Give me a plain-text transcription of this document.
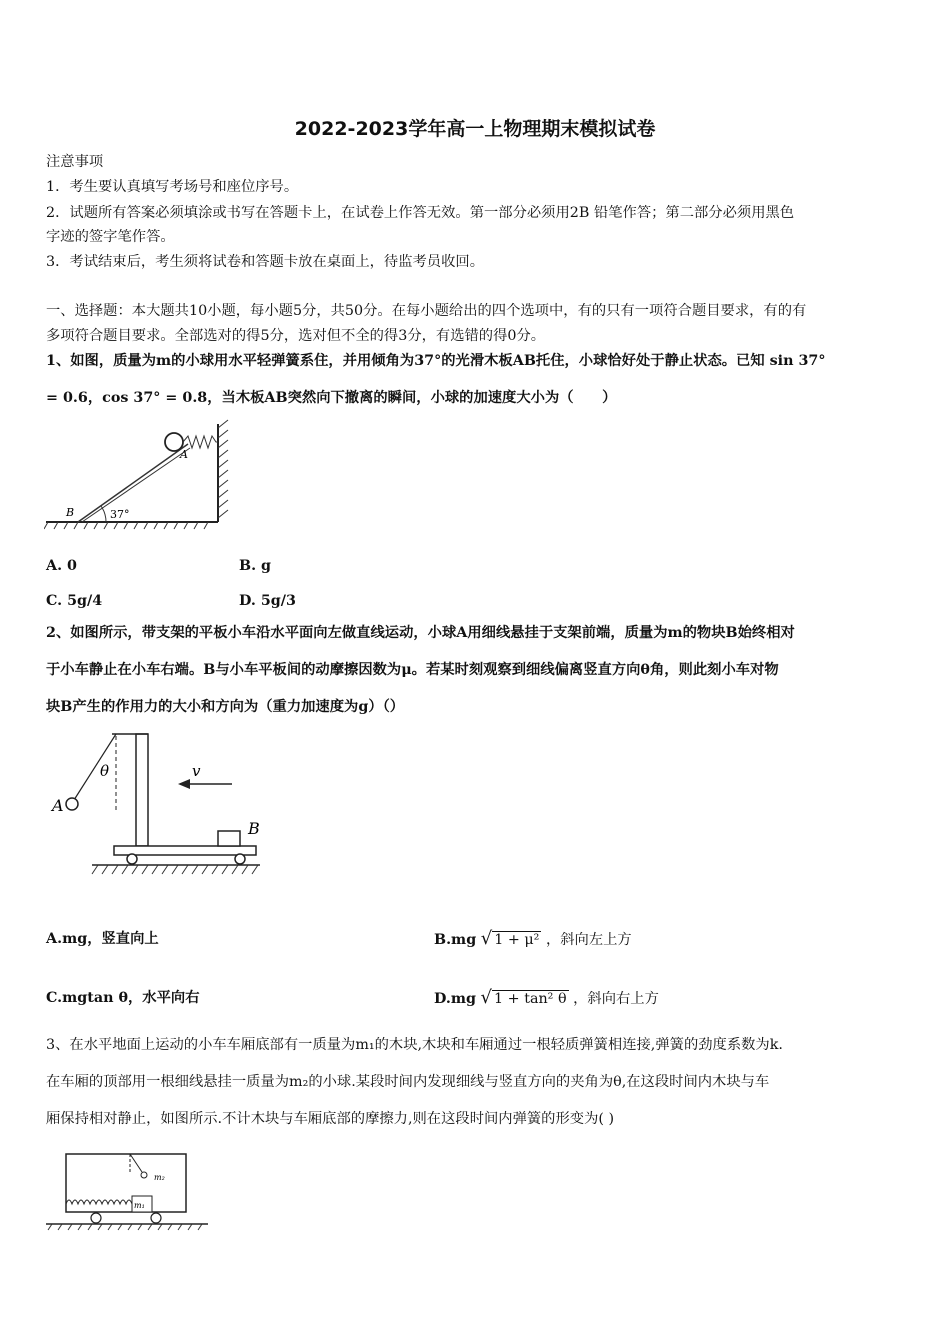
2022-2023学年高一上物理期末模拟试卷
注意事项
1．考生要认真填写考场号和座位序号。
2．试题所有答案必须填涂或书写在答题卡上，在试卷上作答无效。第一部分必须用2B 铅笔作答；第二部分必须用黑色
字迹的签字笔作答。
3．考试结束后，考生须将试卷和答题卡放在桌面上，待监考员收回。
一、选择题：本大题共10小题，每小题5分，共50分。在每小题给出的四个选项中，有的只有一项符合题目要求，有的有
多项符合题目要求。全部选对的得5分，选对但不全的得3分，有选错的得0分。
1、如图，质量为m的小球用水平轻弹簧系住，并用倾角为37°的光滑木板AB托住，小球恰好处于静止状态。已知 sin 37°
= 0.6，cos 37° = 0.8，当木板AB突然向下撤离的瞬间，小球的加速度大小为（　　）
A
B	37°
A. 0	B. g
C. 5g/4	D. 5g/3
2、如图所示，带支架的平板小车沿水平面向左做直线运动，小球A用细线悬挂于支架前端，质量为m的物块B始终相对
于小车静止在小车右端。B与小车平板间的动摩擦因数为μ。若某时刻观察到细线偏离竖直方向θ角，则此刻小车对物
块B产生的作用力的大小和方向为（重力加速度为g）（）
θ	v
A
B
A.mg，竖直向上	B.mg √ 1 + μ² ，斜向左上方
C.mgtan θ，水平向右	D.mg √ 1 + tan² θ ，斜向右上方
3、在水平地面上运动的小车车厢底部有一质量为m₁的木块,木块和车厢通过一根轻质弹簧相连接,弹簧的劲度系数为k.
在车厢的顶部用一根细线悬挂一质量为m₂的小球.某段时间内发现细线与竖直方向的夹角为θ,在这段时间内木块与车
厢保持相对静止，如图所示.不计木块与车厢底部的摩擦力,则在这段时间内弹簧的形变为( )
m₁
m₂
